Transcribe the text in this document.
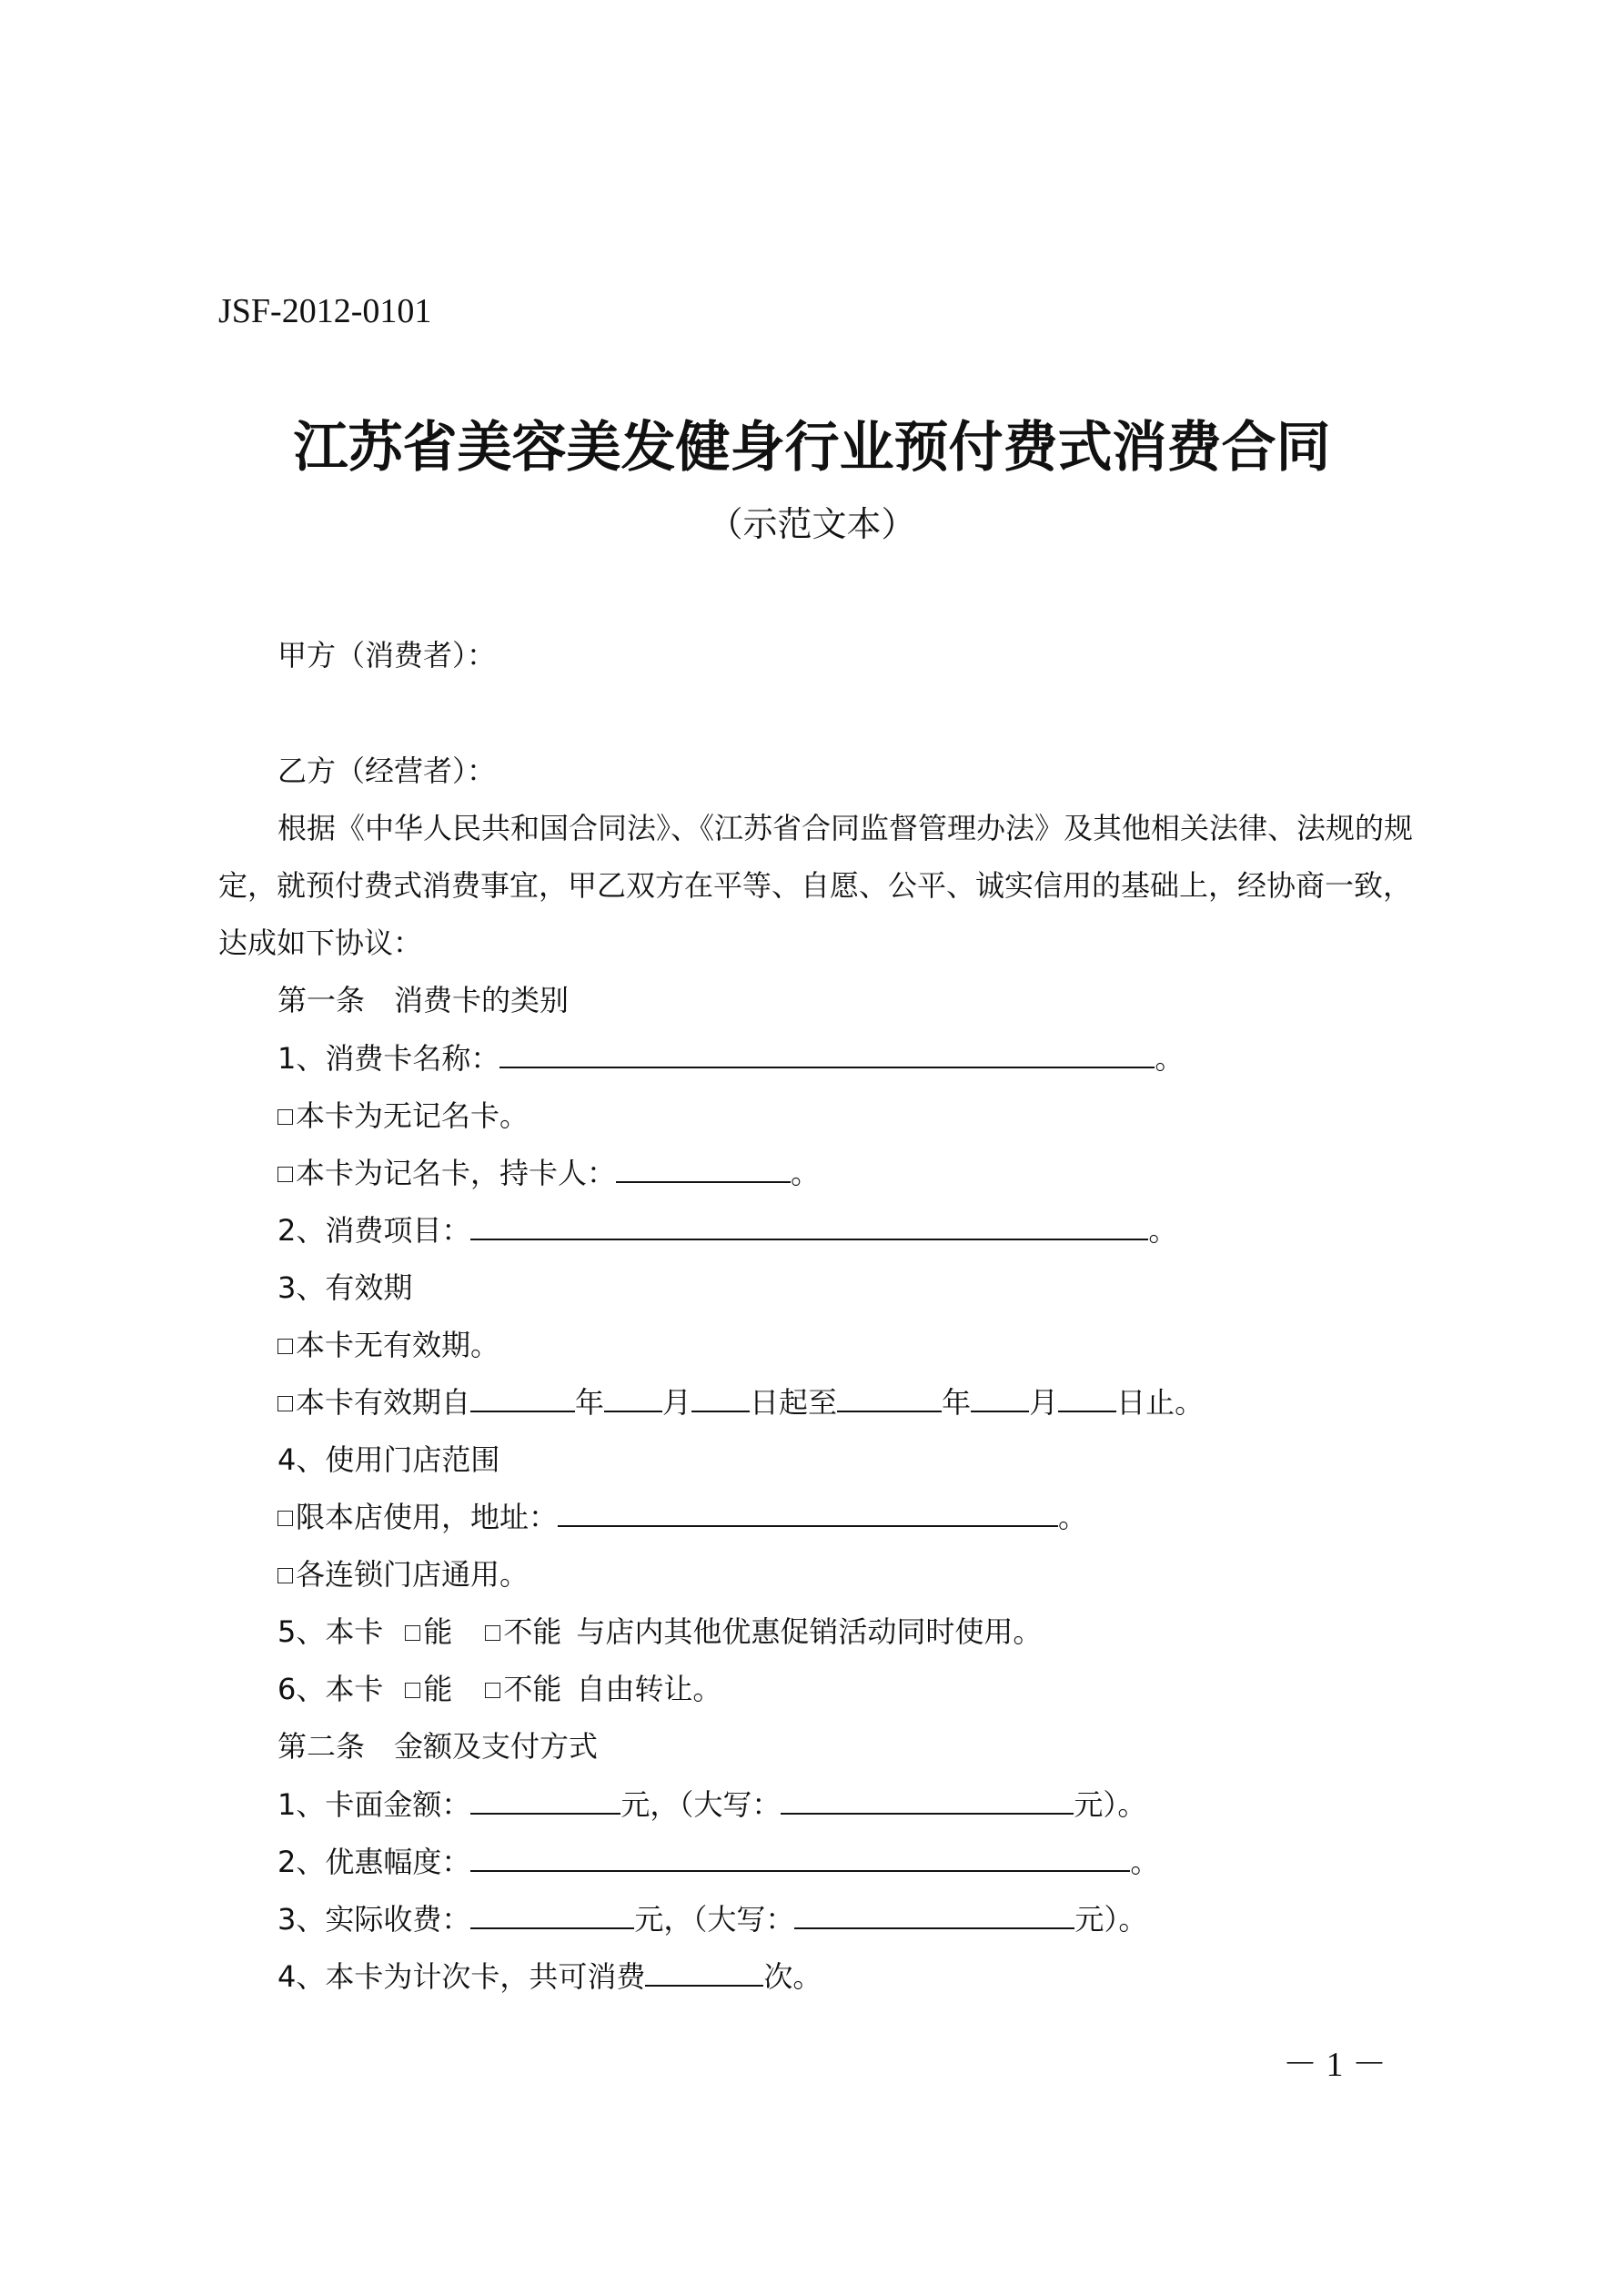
JSF-2012-0101
江苏省美容美发健身行业预付费式消费合同
（示范文本）
甲方（消费者）：
乙方（经营者）：
根据《中华人民共和国合同法》、《江苏省合同监督管理办法》及其他相关法律、法规的规
定，就预付费式消费事宜，甲乙双方在平等、自愿、公平、诚实信用的基础上，经协商一致，
达成如下协议：
第一条　消费卡的类别
1、消费卡名称：	。
本卡为无记名卡。
本卡为记名卡，持卡人：	。
2、消费项目：	。
3、有效期
本卡无有效期。
本卡有效期自	年 月 日起至	年 月 日止。
4、使用门店范围
限本店使用，地址：	。
各连锁门店通用。
5、本卡 能 不能 与店内其他优惠促销活动同时使用。
6、本卡 能 不能 自由转让。
第二条　金额及支付方式
1、卡面金额：	元，（大写：	元）。
2、优惠幅度：	。
3、实际收费：	元，（大写：	元）。
4、本卡为计次卡，共可消费	次。
－ 1 －
